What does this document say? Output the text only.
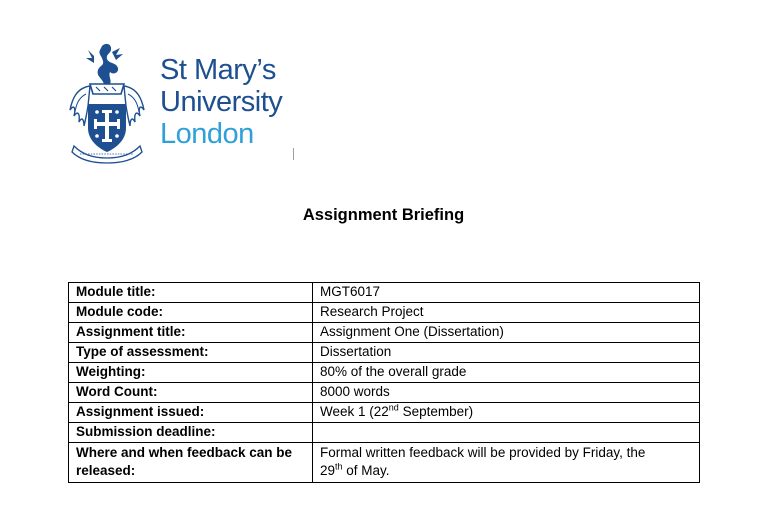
St Mary’s
University
London
Assignment Briefing
Module title:	MGT6017
Module code:	Research Project
Assignment title:	Assignment One (Dissertation)
Type of assessment:	Dissertation
Weighting:	80% of the overall grade
Word Count:	8000 words
Assignment issued:	Week 1 (22nd September)
Submission deadline:	
Where and when feedback can be released:	Formal written feedback will be provided by Friday, the
29th of May.
